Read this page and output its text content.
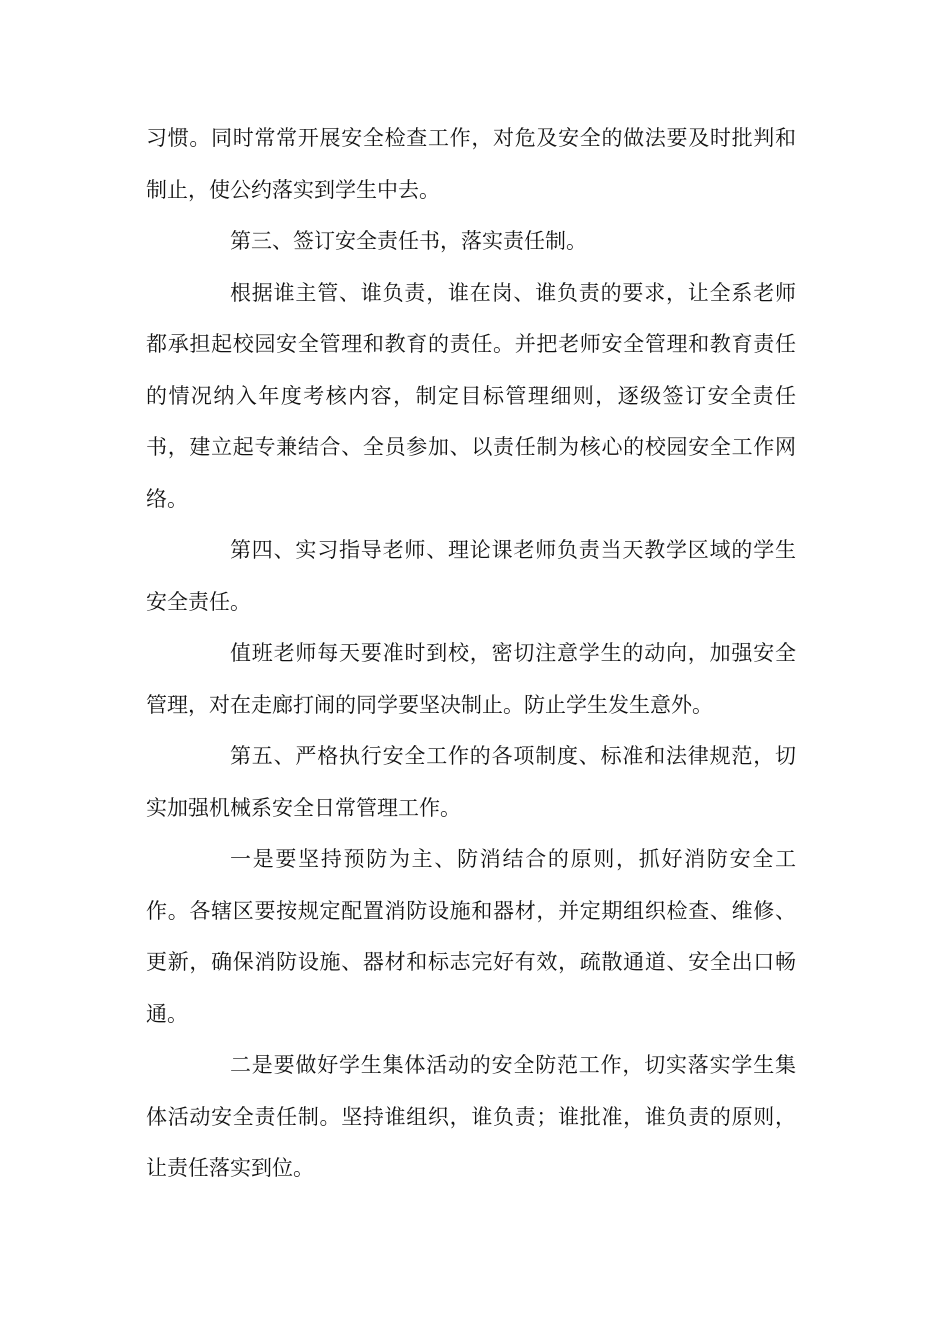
习惯。同时常常开展安全检查工作，对危及安全的做法要及时批判和制止，使公约落实到学生中去。

第三、签订安全责任书，落实责任制。

根据谁主管、谁负责，谁在岗、谁负责的要求，让全系老师都承担起校园安全管理和教育的责任。并把老师安全管理和教育责任的情况纳入年度考核内容，制定目标管理细则，逐级签订安全责任书，建立起专兼结合、全员参加、以责任制为核心的校园安全工作网络。

第四、实习指导老师、理论课老师负责当天教学区域的学生安全责任。

值班老师每天要准时到校，密切注意学生的动向，加强安全管理，对在走廊打闹的同学要坚决制止。防止学生发生意外。

第五、严格执行安全工作的各项制度、标准和法律规范，切实加强机械系安全日常管理工作。

一是要坚持预防为主、防消结合的原则，抓好消防安全工作。各辖区要按规定配置消防设施和器材，并定期组织检查、维修、更新，确保消防设施、器材和标志完好有效，疏散通道、安全出口畅通。

二是要做好学生集体活动的安全防范工作，切实落实学生集体活动安全责任制。坚持谁组织，谁负责；谁批准，谁负责的原则，让责任落实到位。
